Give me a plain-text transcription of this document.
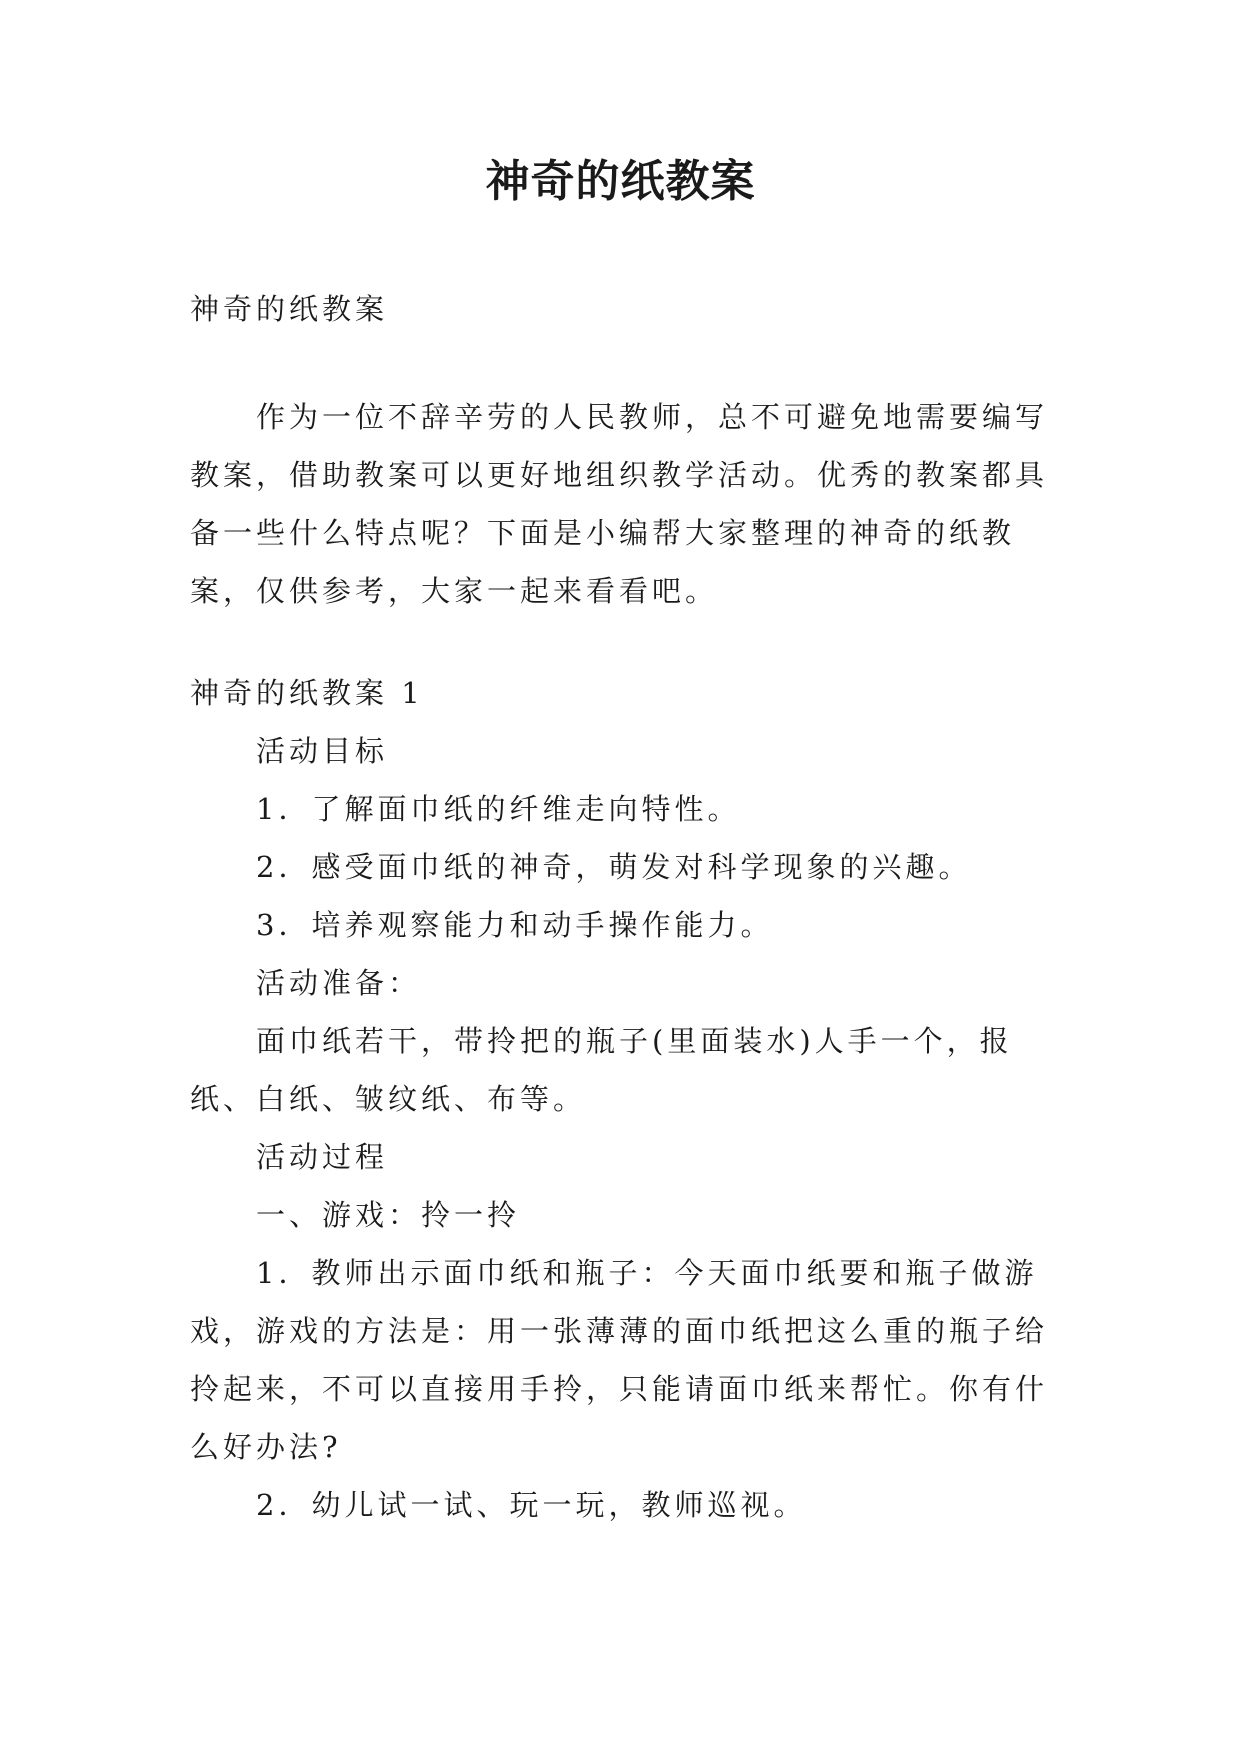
神奇的纸教案

神奇的纸教案

作为一位不辞辛劳的人民教师，总不可避免地需要编写教案，借助教案可以更好地组织教学活动。优秀的教案都具备一些什么特点呢？下面是小编帮大家整理的神奇的纸教案，仅供参考，大家一起来看看吧。

神奇的纸教案 1

活动目标

1．了解面巾纸的纤维走向特性。

2．感受面巾纸的神奇，萌发对科学现象的兴趣。

3．培养观察能力和动手操作能力。

活动准备：

面巾纸若干，带拎把的瓶子(里面装水)人手一个，报纸、白纸、皱纹纸、布等。

活动过程

一、游戏：拎一拎

1．教师出示面巾纸和瓶子：今天面巾纸要和瓶子做游戏，游戏的方法是：用一张薄薄的面巾纸把这么重的瓶子给拎起来，不可以直接用手拎，只能请面巾纸来帮忙。你有什么好办法?

2．幼儿试一试、玩一玩，教师巡视。
